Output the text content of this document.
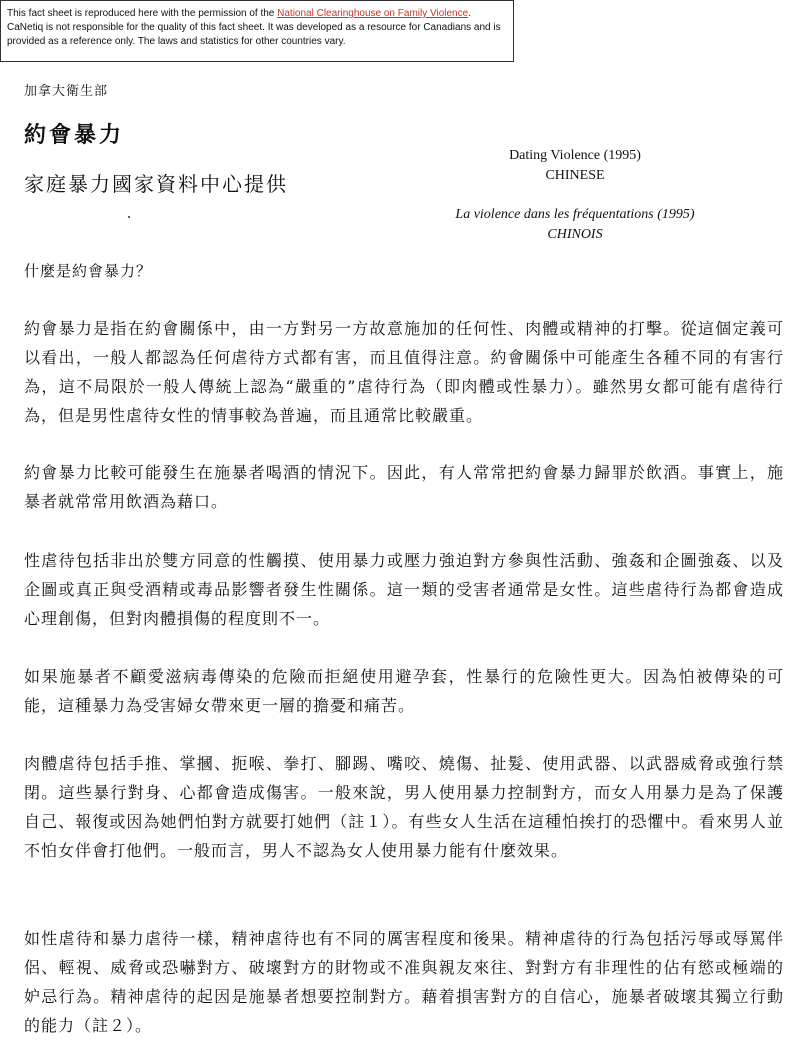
This fact sheet is reproduced here with the permission of the National Clearinghouse on Family Violence. CaNetiq is not responsible for the quality of this fact sheet. It was developed as a resource for Canadians and is provided as a reference only. The laws and statistics for other countries vary.
加拿大衛生部
約會暴力
家庭暴力國家資料中心提供
Dating Violence (1995)
CHINESE
La violence dans les fréquentations (1995)
CHINOIS
什麼是約會暴力？
約會暴力是指在約會關係中，由一方對另一方故意施加的任何性、肉體或精神的打擊。從這個定義可以看出，一般人都認為任何虐待方式都有害，而且值得注意。約會關係中可能產生各種不同的有害行為，這不局限於一般人傳統上認為“嚴重的”虐待行為（即肉體或性暴力）。雖然男女都可能有虐待行為，但是男性虐待女性的情事較為普遍，而且通常比較嚴重。
約會暴力比較可能發生在施暴者喝酒的情況下。因此，有人常常把約會暴力歸罪於飲酒。事實上，施暴者就常常用飲酒為藉口。
性虐待包括非出於雙方同意的性觸摸、使用暴力或壓力強迫對方參與性活動、強姦和企圖強姦、以及企圖或真正與受酒精或毒品影響者發生性關係。這一類的受害者通常是女性。這些虐待行為都會造成心理創傷，但對肉體損傷的程度則不一。
如果施暴者不顧愛滋病毒傳染的危險而拒絕使用避孕套，性暴行的危險性更大。因為怕被傳染的可能，這種暴力為受害婦女帶來更一層的擔憂和痛苦。
肉體虐待包括手推、掌摑、扼喉、拳打、腳踢、嘴咬、燒傷、扯髮、使用武器、以武器威脅或強行禁閉。這些暴行對身、心都會造成傷害。一般來說，男人使用暴力控制對方，而女人用暴力是為了保護自己、報復或因為她們怕對方就要打她們（註１）。有些女人生活在這種怕挨打的恐懼中。看來男人並不怕女伴會打他們。一般而言，男人不認為女人使用暴力能有什麼效果。
如性虐待和暴力虐待一樣，精神虐待也有不同的厲害程度和後果。精神虐待的行為包括污辱或辱罵伴侶、輕視、威脅或恐嚇對方、破壞對方的財物或不准與親友來往、對對方有非理性的佔有慾或極端的妒忌行為。精神虐待的起因是施暴者想要控制對方。藉着損害對方的自信心，施暴者破壞其獨立行動的能力（註２）。
